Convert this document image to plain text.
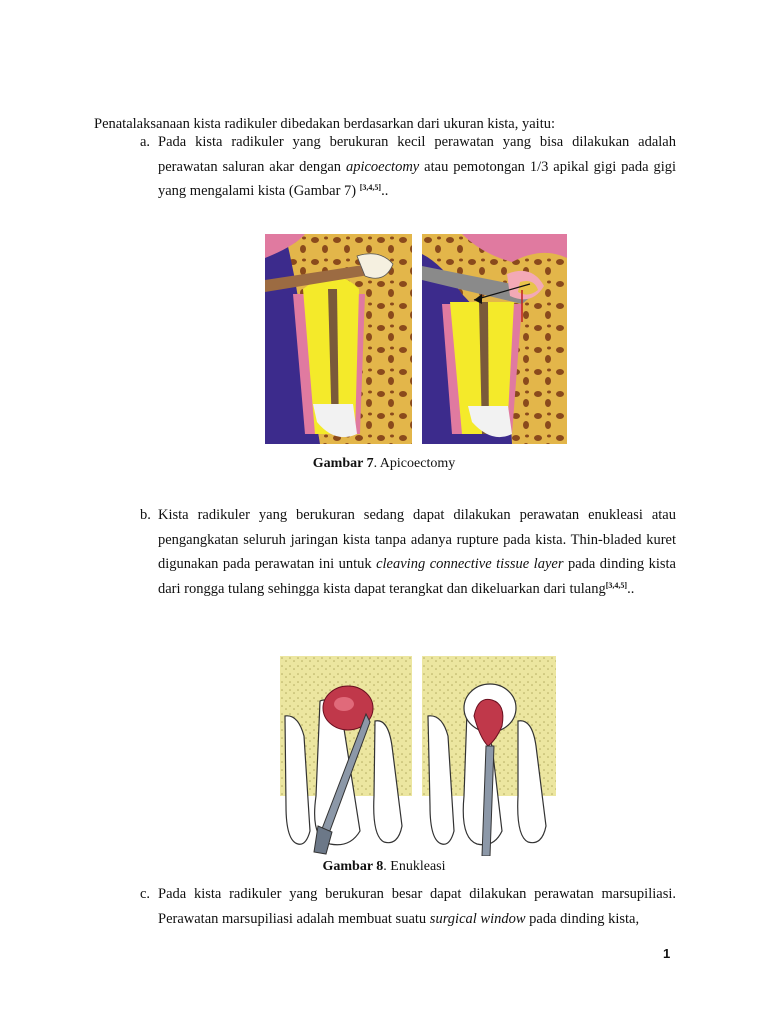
Penatalaksanaan kista radikuler dibedakan berdasarkan dari ukuran kista, yaitu:
a. Pada kista radikuler yang berukuran kecil perawatan yang bisa dilakukan adalah perawatan saluran akar dengan apicoectomy atau pemotongan 1/3 apikal gigi pada gigi yang mengalami kista (Gambar 7) [3,4,5]..
Gambar 7. Apicoectomy
b. Kista radikuler yang berukuran sedang dapat dilakukan perawatan enukleasi atau pengangkatan seluruh jaringan kista tanpa adanya rupture pada kista. Thin-bladed kuret digunakan pada perawatan ini untuk cleaving connective tissue layer pada dinding kista dari rongga tulang sehingga kista dapat terangkat dan dikeluarkan dari tulang[3,4,5]..
Gambar 8. Enukleasi
c. Pada kista radikuler yang berukuran besar dapat dilakukan perawatan marsupiliasi. Perawatan marsupiliasi adalah membuat suatu surgical window pada dinding kista,
1
